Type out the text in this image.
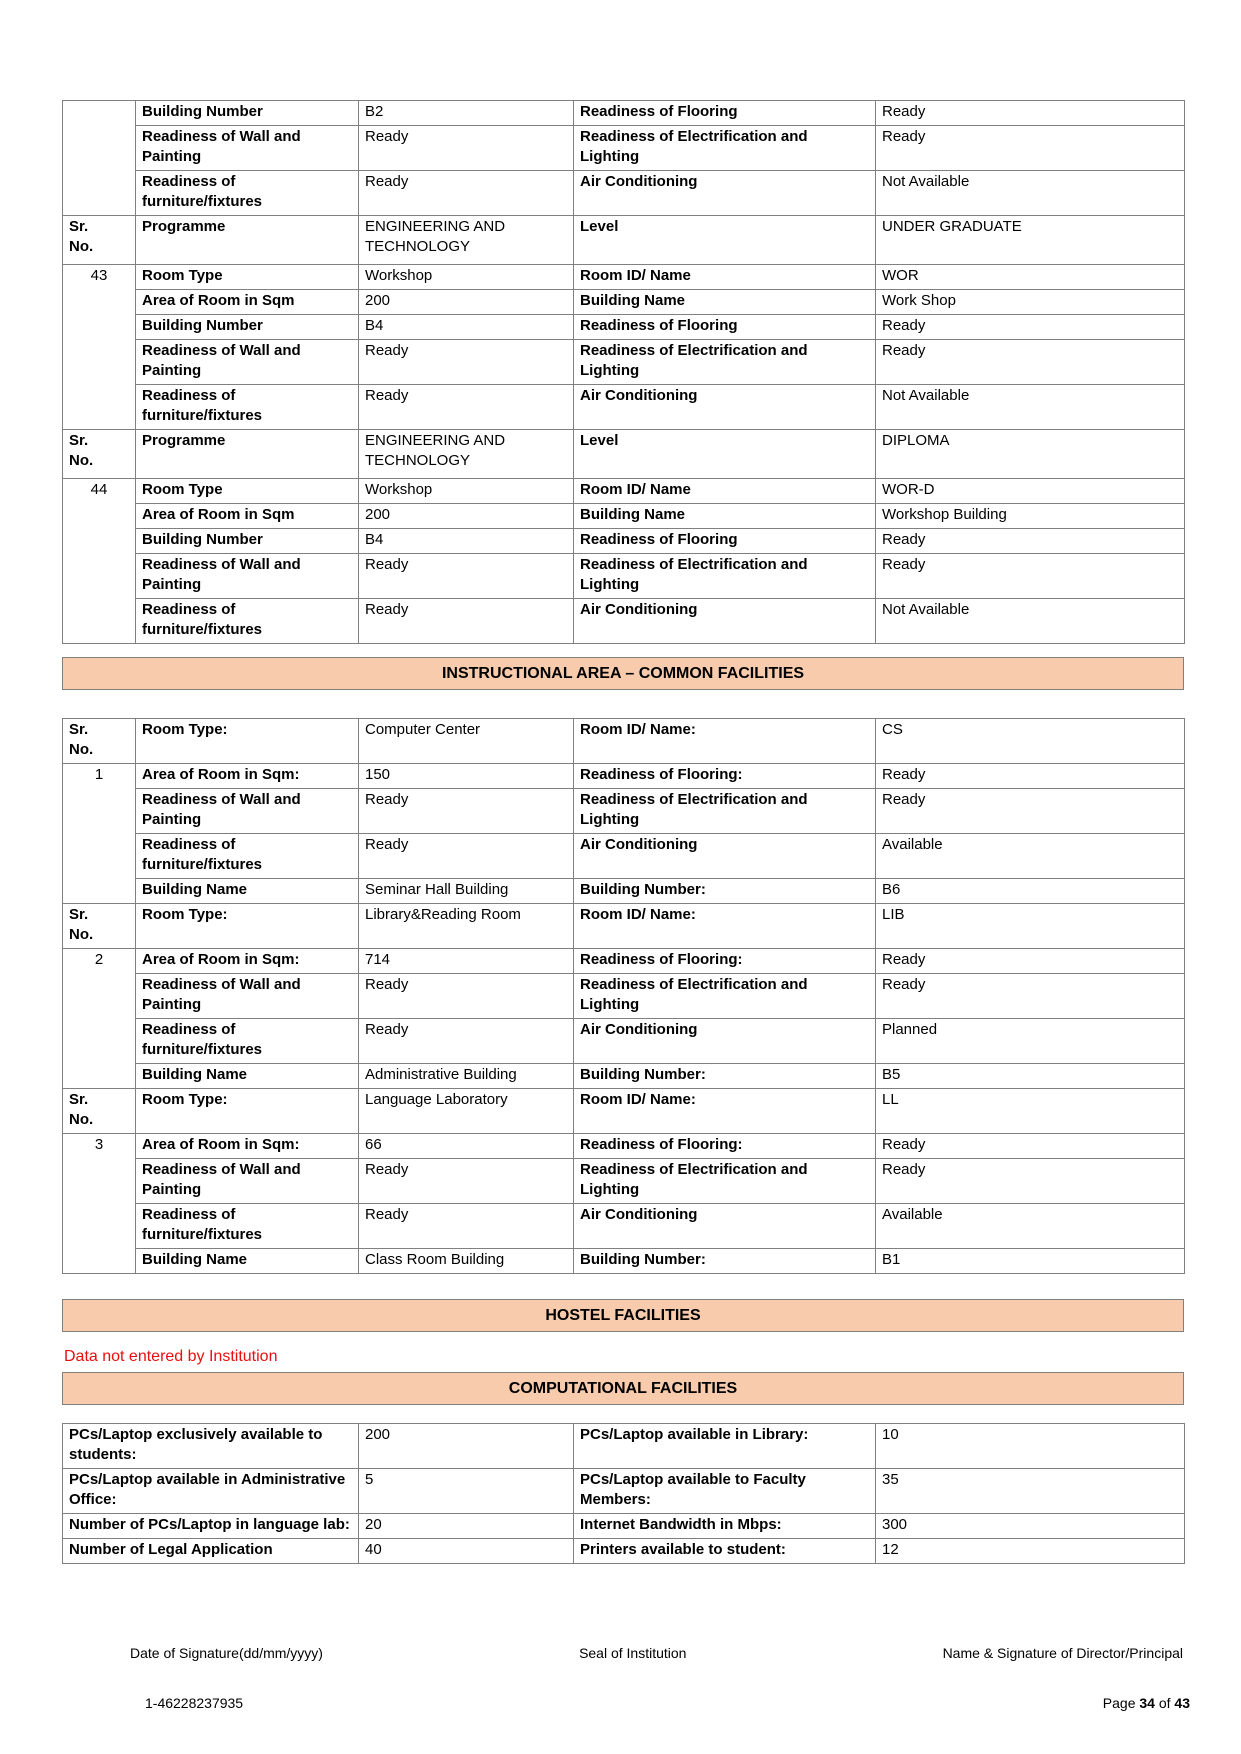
	Building Number	B2	Readiness of Flooring	Ready
	Readiness of Wall and Painting	Ready	Readiness of Electrification and Lighting	Ready
	Readiness of furniture/fixtures	Ready	Air Conditioning	Not Available
Sr.
No.	Programme	ENGINEERING AND TECHNOLOGY	Level	UNDER GRADUATE
43	Room Type	Workshop	Room ID/ Name	WOR
	Area of Room in Sqm	200	Building Name	Work Shop
	Building Number	B4	Readiness of Flooring	Ready
	Readiness of Wall and Painting	Ready	Readiness of Electrification and Lighting	Ready
	Readiness of furniture/fixtures	Ready	Air Conditioning	Not Available
Sr.
No.	Programme	ENGINEERING AND TECHNOLOGY	Level	DIPLOMA
44	Room Type	Workshop	Room ID/ Name	WOR-D
	Area of Room in Sqm	200	Building Name	Workshop Building
	Building Number	B4	Readiness of Flooring	Ready
	Readiness of Wall and Painting	Ready	Readiness of Electrification and Lighting	Ready
	Readiness of furniture/fixtures	Ready	Air Conditioning	Not Available
INSTRUCTIONAL AREA – COMMON FACILITIES
Sr.
No.	Room Type:	Computer Center	Room ID/ Name:	CS
1	Area of Room in Sqm:	150	Readiness of Flooring:	Ready
	Readiness of Wall and Painting	Ready	Readiness of Electrification and Lighting	Ready
	Readiness of furniture/fixtures	Ready	Air Conditioning	Available
	Building Name	Seminar Hall Building	Building Number:	B6
Sr.
No.	Room Type:	Library&Reading Room	Room ID/ Name:	LIB
2	Area of Room in Sqm:	714	Readiness of Flooring:	Ready
	Readiness of Wall and Painting	Ready	Readiness of Electrification and Lighting	Ready
	Readiness of furniture/fixtures	Ready	Air Conditioning	Planned
	Building Name	Administrative Building	Building Number:	B5
Sr.
No.	Room Type:	Language Laboratory	Room ID/ Name:	LL
3	Area of Room in Sqm:	66	Readiness of Flooring:	Ready
	Readiness of Wall and Painting	Ready	Readiness of Electrification and Lighting	Ready
	Readiness of furniture/fixtures	Ready	Air Conditioning	Available
	Building Name	Class Room Building	Building Number:	B1
HOSTEL FACILITIES
Data not entered by Institution
COMPUTATIONAL FACILITIES
PCs/Laptop exclusively available to students:	200	PCs/Laptop available in Library:	10
PCs/Laptop available in Administrative Office:	5	PCs/Laptop available to Faculty Members:	35
Number of PCs/Laptop in language lab:	20	Internet Bandwidth in Mbps:	300
Number of Legal Application	40	Printers available to student:	12
Date of Signature(dd/mm/yyyy)	Seal of Institution	Name & Signature of Director/Principal
1-46228237935	Page 34 of 43
